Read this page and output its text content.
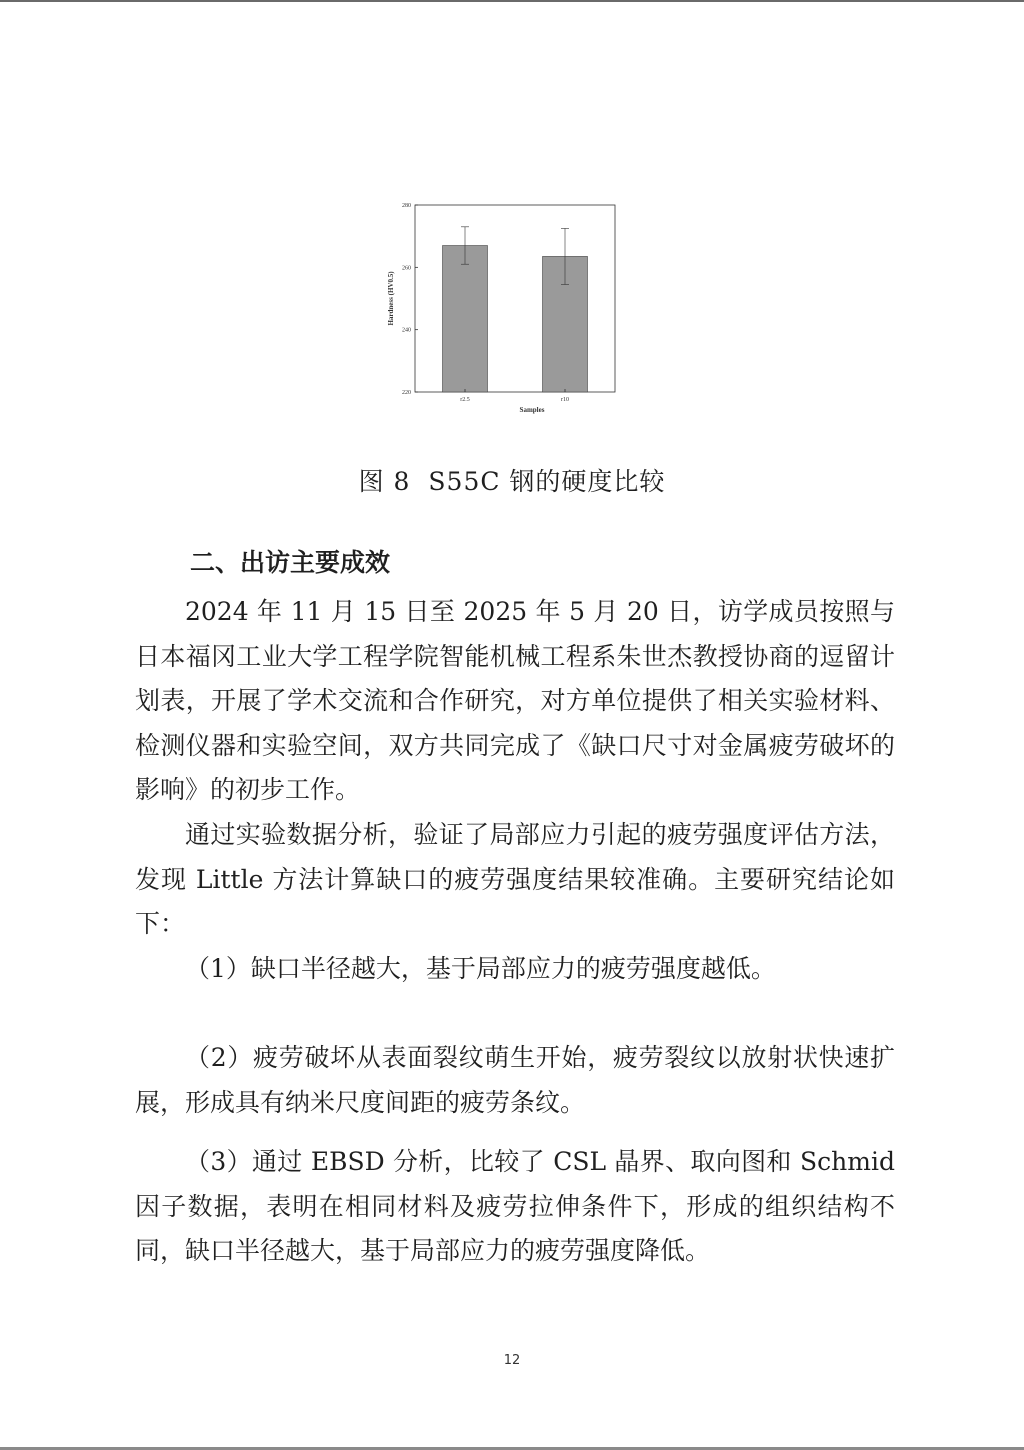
220
240
260
280
r2.5	r10
Samples
Hardness (HV0.5)
图 8 S55C 钢的硬度比较
二、出访主要成效
2024 年 11 月 15 日至 2025 年 5 月 20 日，访学成员按照与日本福冈工业大学工程学院智能机械工程系朱世杰教授协商的逗留计划表，开展了学术交流和合作研究，对方单位提供了相关实验材料、检测仪器和实验空间，双方共同完成了《缺口尺寸对金属疲劳破坏的影响》的初步工作。
通过实验数据分析，验证了局部应力引起的疲劳强度评估方法，发现 Little 方法计算缺口的疲劳强度结果较准确。主要研究结论如下：
（1）缺口半径越大，基于局部应力的疲劳强度越低。
（2）疲劳破坏从表面裂纹萌生开始，疲劳裂纹以放射状快速扩展，形成具有纳米尺度间距的疲劳条纹。
（3）通过 EBSD 分析，比较了 CSL 晶界、取向图和 Schmid 因子数据，表明在相同材料及疲劳拉伸条件下，形成的组织结构不同，缺口半径越大，基于局部应力的疲劳强度降低。
12
